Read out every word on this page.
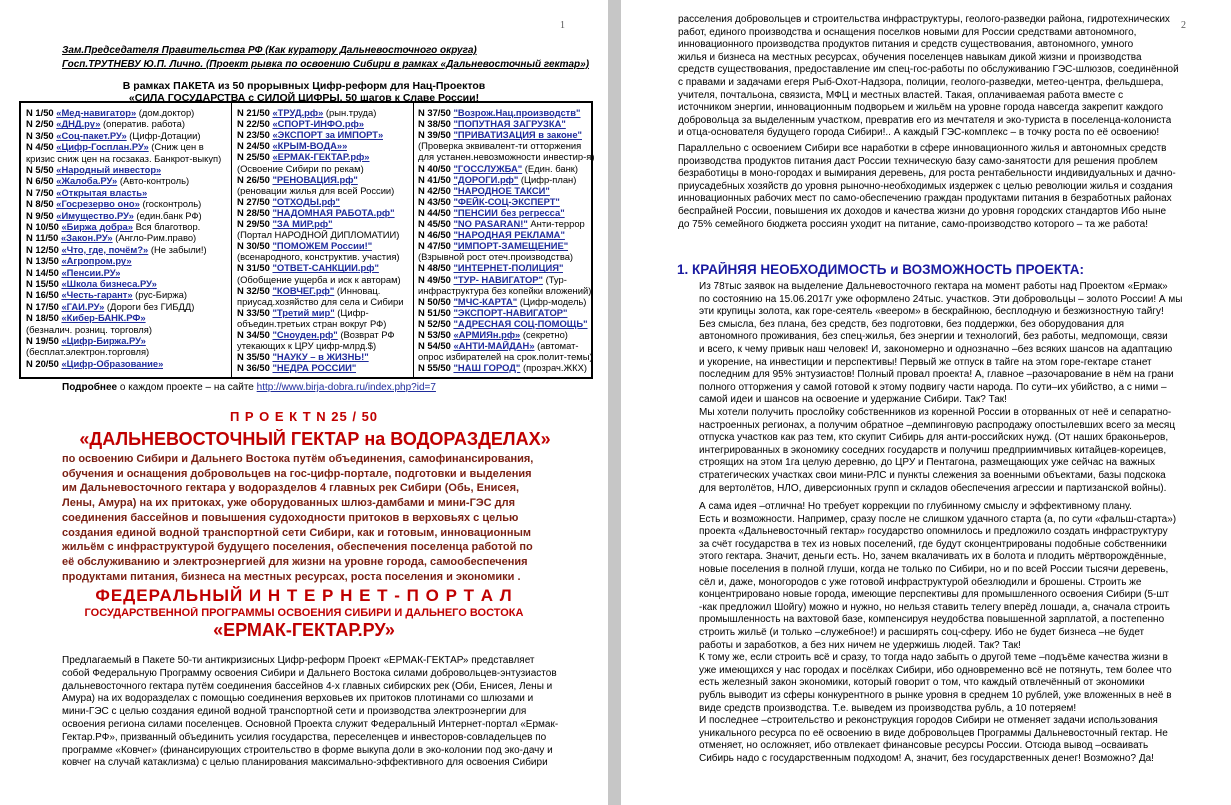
1
Зам.Председателя Правительства РФ (Как куратору Дальневосточного округа)
Госп.ТРУТНЕВУ Ю.П. Лично. (Проект рывка по освоению Сибири в рамках «Дальневосточный гектар»)
В рамках ПАКЕТА из 50 прорывных Цифр-реформ для Нац-Проектов
«СИЛА ГОСУДАРСТВА с СИЛОЙ ЦИФРЫ. 50 шагов к Славе России!
N 1/50 «Мед-навигатор» (дом.доктор)
N 2/50 «ДНД.ру» (оператив. работа)
N 3/50 «Соц-пакет.РУ» (Цифр-Дотации)
N 4/50 «Цифр-Госплан.РУ» (Сниж цен в
кризис сниж цен на госзаказ. Банкрот-выкуп)
N 5/50 «Народный инвестор»
N 6/50 «Жалоба.РУ» (Авто-контроль)
N 7/50 «Открытая власть»
N 8/50 «Госрезерво оно» (госконтроль)
N 9/50 «Имущество.РУ» (един.банк РФ)
N 10/50 «Биржа добра» Вся благотвор.
N 11/50 «Закон.РУ» (Англо-Рим.право)
N 12/50 «Что, где, почём?» (Не забыли!)
N 13/50 «Агропром.ру»
N 14/50 «Пенсии.РУ»
N 15/50 «Школа бизнеса.РУ»
N 16/50 «Честь-гарант» (рус-Биржа)
N 17/50 «ГАИ.РУ» (Дороги без ГИБДД)
N 18/50 «Кибер-БАНК.РФ»
(безналич. розниц. торговля)
N 19/50 «Цифр-Биржа.РУ»
(бесплат.электрон.торговля)
N 20/50 «Цифр-Образование»
N 21/50 «ТРУД.рф» (рын.труда)
N 22/50 «СПОРТ-ИНФО.рф»
N 23/50 «ЭКСПОРТ за ИМПОРТ»
N 24/50 «КРЫМ-ВОДА»»
N 25/50 «ЕРМАК-ГЕКТАР.рф»
(Освоение Сибири по рекам)
N 26/50 "РЕНОВАЦИЯ.рф"
(реновации жилья для всей России)
N 27/50 "ОТХОДЫ.рф"
N 28/50 "НАДОМНАЯ РАБОТА.рф"
N 29/50 "ЗА МИР.рф"
(Портал НАРОДНОЙ ДИПЛОМАТИИ)
N 30/50 "ПОМОЖЕМ России!"
(всенародного, конструктив. участия)
N 31/50 "ОТВЕТ-САНКЦИИ.рф"
(Обобщение ущерба и иск к авторам)
N 32/50 "КОВЧЕГ.рф" (Инновац.
приусад.хозяйство для села и Сибири
N 33/50 "Третий мир" (Цифр-
объедин.третьих стран вокруг РФ)
N 34/50 "Сноуден.рф" (Возврат РФ
утекающих к ЦРУ цифр-млрд.$)
N 35/50 "НАУКУ – в ЖИЗНЬ!"
N 36/50 "НЕДРА РОССИИ"
N 37/50 "Возрож.Нац.производств"
N 38/50 "ПОПУТНАЯ ЗАГРУЗКА"
N 39/50 "ПРИВАТИЗАЦИЯ в законе"
(Проверка эквивалент-ти отторжения
для устанен.невозможности инвестир-я)
N 40/50 "ГОССЛУЖБА" (Един. банк)
N 41/50 "ДОРОГИ.рф" (Цифр-план)
N 42/50 "НАРОДНОЕ ТАКСИ"
N 43/50 "ФЕЙК-СОЦ-ЭКСПЕРТ"
N 44/50 "ПЕНСИИ без регресса"
N 45/50 "NO PASARAN!" Анти-террор
N 46/50 "НАРОДНАЯ РЕКЛАМА"
N 47/50 "ИМПОРТ-ЗАМЕЩЕНИЕ"
(Взрывной рост отеч.производства)
N 48/50 "ИНТЕРНЕТ-ПОЛИЦИЯ"
N 49/50 "ТУР- НАВИГАТОР" (Тур-
инфраструктура без копейки вложений)
N 50/50 "МЧС-КАРТА" (Цифр-модель)
N 51/50 "ЭКСПОРТ-НАВИГАТОР"
N 52/50 "АДРЕСНАЯ СОЦ-ПОМОЩЬ"
N 53/50 «АРМИЯн.рф» (секретно)
N 54/50 «АНТИ-МАЙДАН» (автомат-
опрос избирателей на срок.полит-темы)
N 55/50 "НАШ ГОРОД" (прозрач.ЖКХ)
Подробнее о каждом проекте – на сайте http://www.birja-dobra.ru/index.php?id=7
П Р О Е К Т N 25 / 50
«ДАЛЬНЕВОСТОЧНЫЙ ГЕКТАР на ВОДОРАЗДЕЛАХ»
по освоению Сибири и Дальнего Востока путём объединения, самофинансирования,
обучения и оснащения добровольцев на гос-цифр-портале, подготовки и выделения
им Дальневосточного гектара у водоразделов 4 главных рек Сибири (Обь, Енисея,
Лены, Амура) на их притоках, уже оборудованных шлюз-дамбами и мини-ГЭС для
соединения бассейнов и повышения судоходности притоков в верховьях с целью
создания единой водной транспортной сети Сибири, как и готовым, инновационным
жильём с инфраструктурой будущего поселения, обеспечения поселенца работой по
её обслуживанию и электроэнергией для жизни на уровне города, самообеспечения
продуктами питания, бизнеса на местных ресурсах, роста поселения и экономики .
ФЕДЕРАЛЬНЫЙ И Н Т Е Р Н Е Т - П О Р Т А Л
ГОСУДАРСТВЕННОЙ ПРОГРАММЫ ОСВОЕНИЯ СИБИРИ И ДАЛЬНЕГО ВОСТОКА
«ЕРМАК-ГЕКТАР.РУ»
Предлагаемый в Пакете 50-ти антикризисных Цифр-реформ Проект «ЕРМАК-ГЕКТАР» представляет
собой Федеральную Программу освоения Сибири и Дальнего Востока силами добровольцев-энтузиастов
дальневосточного гектара путём соединения бассейнов 4-х главных сибирских рек (Оби, Енисея, Лены и
Амура) на их водоразделах с помощью соединения верховьев их притоков плотинами со шлюзами и
мини-ГЭС с целью создания единой водной транспортной сети и производства электроэнергии для
освоения регионa силами поселенцев. Основной Проекта служит Федеральный Интернет-портал «Ермак-
Гектар.РФ», призванный объединить усилия государства, переселенцев и инвесторов-совладельцев по
программе «Ковчег» (финансирующих строительство в форме выкупа доли в эко-колонии под эко-дачу и
ковчег на случай катаклизма) с целью планирования максимально-эффективного для освоения Сибири
2
расселения добровольцев и строительства инфраструктуры, геолого-разведки района, гидротехнических
работ, единого производства и оснащения поселков новыми для России средствами автономного,
инновационного производства продуктов питания и средств существования, автономного, умного
жилья и бизнеса на местных ресурсах, обучения поселенцев навыкам дикой жизни и производства
средств существования, предоставление им спец-гос-работы по обслуживанию ГЭС-шлюзов, соединённой
с правами и задачами егеря Рыб-Охот-Надзора, полиции, геолого-разведки, метео-центра, фельдшера,
учителя, почтальона, связиста, МФЦ и местных властей. Такая, оплачиваемая работа вместе с
источником энергии, инновационным подворьем и жильём на уровне города навсегда закрепит каждого
добровольца за выделенным участком, превратив его из мечтателя и эко-туриста в поселенца-колониста
и отца-основателя будущего города Сибири!.. А каждый ГЭС-комплекс – в точку роста по её освоению!
Параллельно с освоением Сибири все наработки в сфере инновационного жилья и автономных средств
производства продуктов питания даст России техническую базу само-занятости для решения проблем
безработицы в моно-городах и вымирания деревень, для роста рентабельности индивидуальных и дачно-
приусадебных хозяйств до уровня рыночно-необходимых издержек с целью революции жилья и создания
инновационных рабочих мест по само-обеспечению граждан продуктами питания в безработных районах
беспрайней России, повышения их доходов и качества жизни до уровня городских стандартов Ибо ныне
до 75% семейного бюджета россиян уходит на питание, само-производство которого – та же работа!
Из 78тыс заявок на выделение Дальневосточного гектара на момент работы над Проектом «Ермак»
по состоянию на 15.06.2017г уже оформлено 24тыс. участков. Эти добровольцы – золото России! А мы
эти крупицы золота, как горе-сеятель «веером» в бескрайнюю, бесплодную и безжизностную тайгу!
Без смысла, без плана, без средств, без подготовки, без поддержки, без оборудования для
автономного проживания, без спец-жилья, без энергии и технологий, без работы, медпомощи, связи
и всего, к чему привык наш человек! И, закономерно и однозначно –без всяких шансов на адаптацию
и укорение, на инвестиции и перспективы! Первый же отпуск в тайге на этом горе-гектаре станет
последним для 95% энтузиастов! Полный провал проекта! А, главное –разочарование в нём на грани
полного отторжения у самой готовой к этому подвигу части народа. По сути–их убийство, а с ними –
самой идеи и шансов на освоение и удержание Сибири. Так? Так!
Мы хотели получить прослойку собственников из коренной России в оторванных от неё и сепаратно-
настроенных регионах, а получим обратное –демпинговую распродажу опостылевших всего за месяц
отпуска участков как раз тем, кто скупит Сибирь для анти-российских нужд. (От наших браконьеров,
интегрированных в экономику соседних государств и получиш предприимчивых китайцев-кореицев,
строящих на этом 1га целую деревню, до ЦРУ и Пентагона, размещающих уже сейчас на важных
стратегических участках свои мини-РЛС и пункты слежения за военными объектами, базы подскока
для вертолётов, НЛО, диверсионных групп и складов обеспечения агрессии и партизанской войны).
А сама идея –отлична! Но требует коррекции по глубинному смыслу и эффективному плану.
Есть и возможности. Например, сразу после не слишком удачного старта (а, по сути «фальш-старта»)
проекта «Дальневосточный гектар» государство опомнилось и предложило создать инфраструктуру
за счёт государства в тех из новых поселений, где будут сконцентрированы подобные собственники
этого гектара. Значит, деньги есть. Но, зачем вкалачивать их в болота и плодить мёртворождённые,
новые поселения в полной глуши, когда не только по Сибири, но и по всей России тысячи деревень,
сёл и, даже, моногородов с уже готовой инфраструктурой обезлюдили и брошены. Строить же
концентрировано новые города, имеющие перспективы для промышленного освоения Сибири (5-шт
-как предложил Шойгу) можно и нужно, но нельзя ставить телегу вперёд лошади, а, сначала строить
промышленность на вахтовой базе, компенсируя неудобства повышенной зарплатой, а постепенно
строить жильё (и только –служебное!) и расширять соц-сферу. Ибо не будет бизнеса –не будет
работы и заработков, а без них ничем не удержишь людей. Так? Так!
К тому же, если строить всё и сразу, то тогда надо забыть о другой теме –подъёме качества жизни в
уже имеющихся у нас городах и посёлках Сибири, ибо одновременно всё не потянуть, тем более что
есть железный закон экономики, который говорит о том, что каждый отвлечённый от экономики
рубль выводит из сферы конкурентного в рынке уровня в среднем 10 рублей, уже вложенных в неё в
виде средств производства. Т.е. выведем из производства рубль, а 10 потеряем!
И последнее –строительство и реконструкция городов Сибири не отменяет задачи использования
уникального ресурса по её освоению в виде добровольцев Программы Дальневосточный гектар. Не
отменяет, но осложняет, ибо отвлекает финансовые ресурсы России. Отсюда вывод –осваивать
Сибирь надо с государственным подходом! А, значит, без государственных денег! Возможно? Да!
1. КРАЙНЯЯ НЕОБХОДИМОСТЬ и ВОЗМОЖНОСТЬ ПРОЕКТА:
